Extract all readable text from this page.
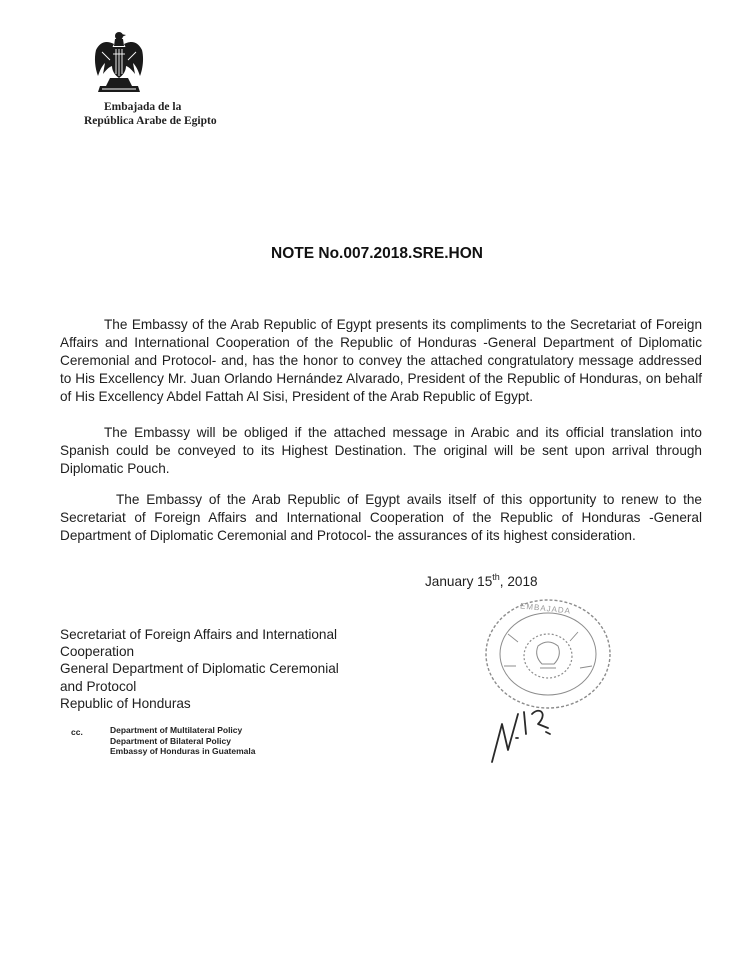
Embajada de la
República Arabe de Egipto
NOTE No.007.2018.SRE.HON

The Embassy of the Arab Republic of Egypt presents its compliments to the Secretariat of Foreign Affairs and International Cooperation of the Republic of Honduras -General Department of Diplomatic Ceremonial and Protocol- and, has the honor to convey the attached congratulatory message addressed to His Excellency Mr. Juan Orlando Hernández Alvarado, President of the Republic of Honduras, on behalf of His Excellency Abdel Fattah Al Sisi, President of the Arab Republic of Egypt.

The Embassy will be obliged if the attached message in Arabic and its official translation into Spanish could be conveyed to its Highest Destination. The original will be sent upon arrival through Diplomatic Pouch.

The Embassy of the Arab Republic of Egypt avails itself of this opportunity to renew to the Secretariat of Foreign Affairs and International Cooperation of the Republic of Honduras -General Department of Diplomatic Ceremonial and Protocol- the assurances of its highest consideration.

January 15th, 2018
Secretariat of Foreign Affairs and International
Cooperation
General Department of Diplomatic Ceremonial
and Protocol
Republic of Honduras
cc.	Department of Multilateral Policy
Department of Bilateral Policy
Embassy of Honduras in Guatemala
EMBAJADA
